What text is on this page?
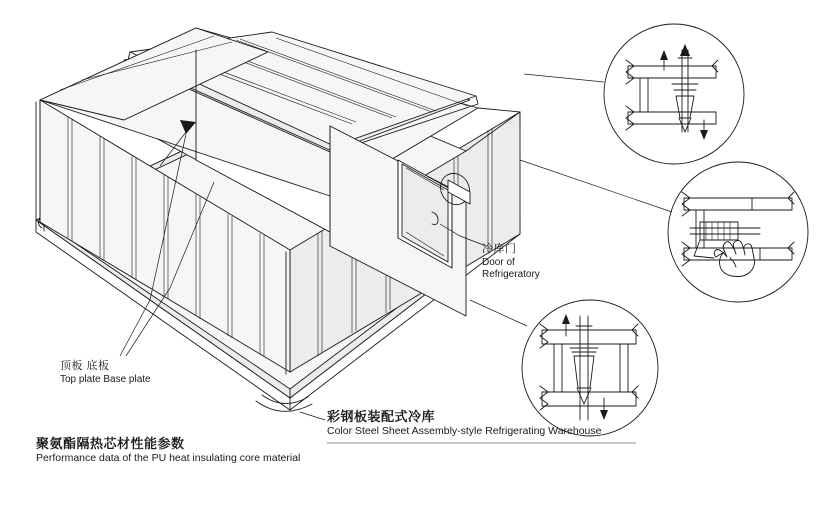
冷库门
Door of
Refrigeratory
顶板 底板
Top plate Base plate
彩钢板装配式冷库
Color Steel Sheet Assembly-style Refrigerating Warehouse
聚氨酯隔热芯材性能参数
Performance data of the PU heat insulating core material
